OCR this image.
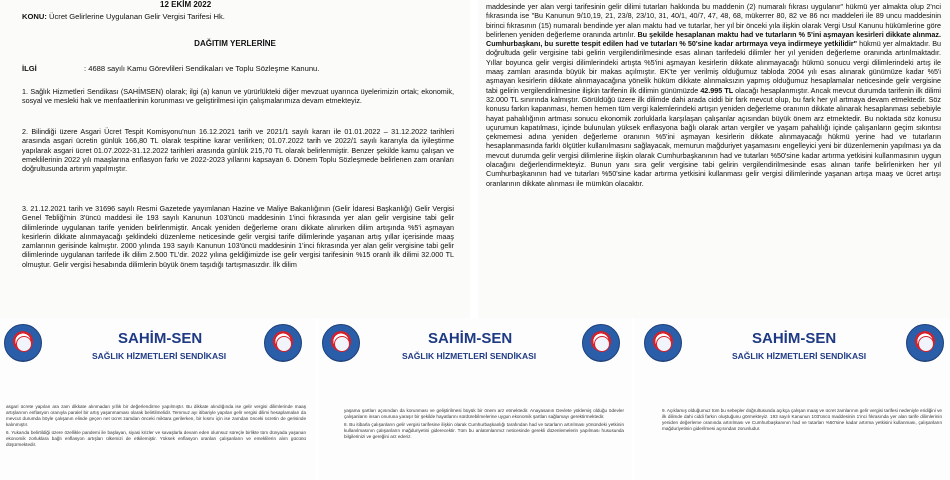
12 EKİM 2022
KONU: Ücret Gelirlerine Uygulanan Gelir Vergisi Tarifesi Hk.
DAĞITIM YERLERİNE
İLGİ	: 4688 sayılı Kamu Görevlileri Sendikaları ve Toplu Sözleşme Kanunu.
1. Sağlık Hizmetleri Sendikası (SAHİMSEN) olarak; ilgi (a) kanun ve yürürlükteki diğer mevzuat uyarınca üyelerimizin ortak; ekonomik, sosyal ve mesleki hak ve menfaatlerinin korunması ve geliştirilmesi için çalışmalarımıza devam etmekteyiz.
2. Bilindiği üzere Asgari Ücret Tespit Komisyonu'nun 16.12.2021 tarih ve 2021/1 sayılı kararı ile 01.01.2022 – 31.12.2022 tarihleri arasında asgari ücretin günlük 166,80 TL olarak tespitine karar verilirken; 01.07.2022 tarih ve 2022/1 sayılı kararıyla da iyileştirme yapılarak asgari ücret 01.07.2022-31.12.2022 tarihleri arasında günlük 215,70 TL olarak belirlenmiştir. Benzer şekilde kamu çalışan ve emeklilerinin 2022 yılı maaşlarına enflasyon farkı ve 2022-2023 yıllarını kapsayan 6. Dönem Toplu Sözleşmede belirlenen zam oranları doğrultusunda artırım yapılmıştır.
3. 21.12.2021 tarih ve 31696 sayılı Resmi Gazetede yayımlanan Hazine ve Maliye Bakanlığının (Gelir İdaresi Başkanlığı) Gelir Vergisi Genel Tebliği'nin 3'üncü maddesi ile 193 sayılı Kanunun 103'üncü maddesinin 1'inci fıkrasında yer alan gelir vergisine tabi gelir dilimlerinde uygulanan tarife yeniden belirlenmiştir. Ancak yeniden değerleme oranı dikkate alınırken dilim artışında %5'i aşmayan kesirlerin dikkate alınmayacağı şeklindeki düzenleme neticesinde gelir vergisi tarife dilimlerinde yaşanan artış yıllar içerisinde maaş zamlarının gerisinde kalmıştır. 2000 yılında 193 sayılı Kanunun 103'üncü maddesinin 1'inci fıkrasında yer alan gelir vergisine tabi gelir dilimlerinde uygulanan tarifede ilk dilim 2.500 TL'dir. 2022 yılına geldiğimizde ise gelir vergisi tarifesinin %15 oranlı ilk dilimi 32.000 TL olmuştur. Gelir vergisi hesabında dilimlerin büyük önem taşıdığı tartışmasızdır. İlk dilim
maddesinde yer alan vergi tarifesinin gelir dilimi tutarları hakkında bu maddenin (2) numaralı fıkrası uygulanır" hükmü yer almakta olup 2'nci fıkrasında ise "Bu Kanunun 9/10,19, 21, 23/8, 23/10, 31, 40/1, 40/7, 47, 48, 68, mükerrer 80, 82 ve 86 ncı maddeleri ile 89 uncu maddesinin birinci fıkrasının (15) numaralı bendinde yer alan maktu had ve tutarlar, her yıl bir önceki yıla ilişkin olarak Vergi Usul Kanunu hükümlerine göre belirlenen yeniden değerleme oranında artırılır. Bu şekilde hesaplanan maktu had ve tutarların % 5'ini aşmayan kesirleri dikkate alınmaz. Cumhurbaşkanı, bu surette tespit edilen had ve tutarları % 50'sine kadar artırmaya veya indirmeye yetkilidir" hükmü yer almaktadır. Bu doğrultuda gelir vergisine tabi gelirin vergilendirilmesinde esas alınan tarifedeki dilimler her yıl yeniden değerleme oranında artırılmaktadır. Yıllar boyunca gelir vergisi dilimlerindeki artışta %5'ini aşmayan kesirlerin dikkate alınmayacağı hükmü sonucu vergi dilimlerindeki artış ile maaş zamları arasında büyük bir makas açılmıştır. EK'te yer verilmiş olduğumuz tabloda 2004 yılı esas alınarak günümüze kadar %5'i aşmayan kesirlerin dikkate alınmayacağına yönelik hüküm dikkate alınmaksızın yapmış olduğumuz hesaplamalar neticesinde gelir vergisine tabi gelirin vergilendirilmesine ilişkin tarifenin ilk dilimin günümüzde 42.995 TL olacağı hesaplanmıştır. Ancak mevcut durumda tarifenin ilk dilimi 32.000 TL sınırında kalmıştır. Görüldüğü üzere ilk dilimde dahi arada ciddi bir fark mevcut olup, bu fark her yıl artmaya devam etmektedir. Söz konusu farkın kapanması, hemen hemen tüm vergi kalemlerindeki artışın yeniden değerleme oranının dikkate alınarak hesaplanması sebebiyle hayat pahalılığının artması sonucu ekonomik zorluklarla karşılaşan çalışanlar açısından büyük önem arz etmektedir. Bu noktada söz konusu uçurumun kapatılması, içinde bulunulan yüksek enflasyona bağlı olarak artan vergiler ve yaşam pahalılığı içinde çalışanların geçim sıkıntısı çekmemesi adına yeniden değerleme oranının %5'ini aşmayan kesirlerin dikkate alınmayacağı hükmü yerine had ve tutarların hesaplanmasında farklı ölçütler kullanılmasını sağlayacak, memurun mağduriyet yaşamasını engelleyici yeni bir düzenlemenin yapılması ya da mevcut durumda gelir vergisi dilimlerine ilişkin olarak Cumhurbaşkanının had ve tutarları %50'sine kadar artırma yetkisini kullanmasının uygun olacağını değerlendirmekteyiz. Bunun yanı sıra gelir vergisine tabi gelirin vergilendirilmesinde esas alınan tarife belirlenirken her yıl Cumhurbaşkanının had ve tutarları %50'sine kadar artırma yetkisini kullanması gelir vergisi dilimlerinde yaşanan artışa maaş ve ücret artışı oranlarının dikkate alınması ile mümkün olacaktır.
SAHİM-SEN
SAĞLIK HİZMETLERİ SENDİKASI

asgari ücrete yapılan ara zam dikkate alınmadan yıllık bir değerlendirme yapılmıştır. Bu dikkate alındığında ise gelir vergisi dilimlerinde maaş artışlarının enflasyon oranıyla paralel bir artış yaşanmaması olarak belirtilmelidir. Temmuz ayı itibariyle yapılan gelir vergisi dilimi hesaplamaları da mevcut durumda böyle çalışanın elinde geçen net ücret zamdan önceki miktara gerilerken, bir kısmı için ise zamdan önceki ücretin de gerisinde kalınmıştır.

6. Yukarıda belirtildiği üzere özellikle pandemi ile başlayan, siyasi krizler ve savaşlarla devam eden olumsuz süreçle birlikte tüm dünyada yaşanan ekonomik zorluklara bağlı enflasyon artışları ülkemizi de etkilemiştir. Yüksek enflasyon oranları çalışanların ve emeklilerin alım gücünü düşürmektedir.

SAHİM-SEN
SAĞLIK HİZMETLERİ SENDİKASI

yaşama şartları açısından da korunması ve geliştirilmesi büyük bir önem arz etmektedir. Anayasanın Devlete yüklemiş olduğu ödevler çalışanların insan onuruna yaraşır bir şekilde hayatlarını sürdürebilmelerine uygun ekonomik şartları sağlamayı gerektirmektedir.

8. Bu itibarla çalışanların gelir vergisi tarifesine ilişkin olarak Cumhurbaşkanlığı tarafından had ve tutarların artırılması yönündeki yetkinin kullanılmasının çalışanların mağduriyetini giderecektir. Tüm bu anlatımlarımız neticesinde gerekli düzenlemelerin yapılması hususunda bilgilerinizi ve gereğini arz ederiz.

SAHİM-SEN
SAĞLIK HİZMETLERİ SENDİKASI

9. Açıklamış olduğumuz tüm bu sebepler doğrultusunda açıkça çalışan maaş ve ücret zamlarının gelir vergisi tarifesi nedeniyle eridiğini ve ilk dilimde dahi ciddi farkın oluştuğunu görmekteyiz. 193 sayılı Kanunun 103'üncü maddesinin 1'inci fıkrasında yer alan tarife dilimlerinin yeniden değerleme oranında artırılması ve Cumhurbaşkanının had ve tutarları %50'sine kadar artırma yetkisini kullanması, çalışanların mağduriyetinin giderilmesi açısından zorunludur.
